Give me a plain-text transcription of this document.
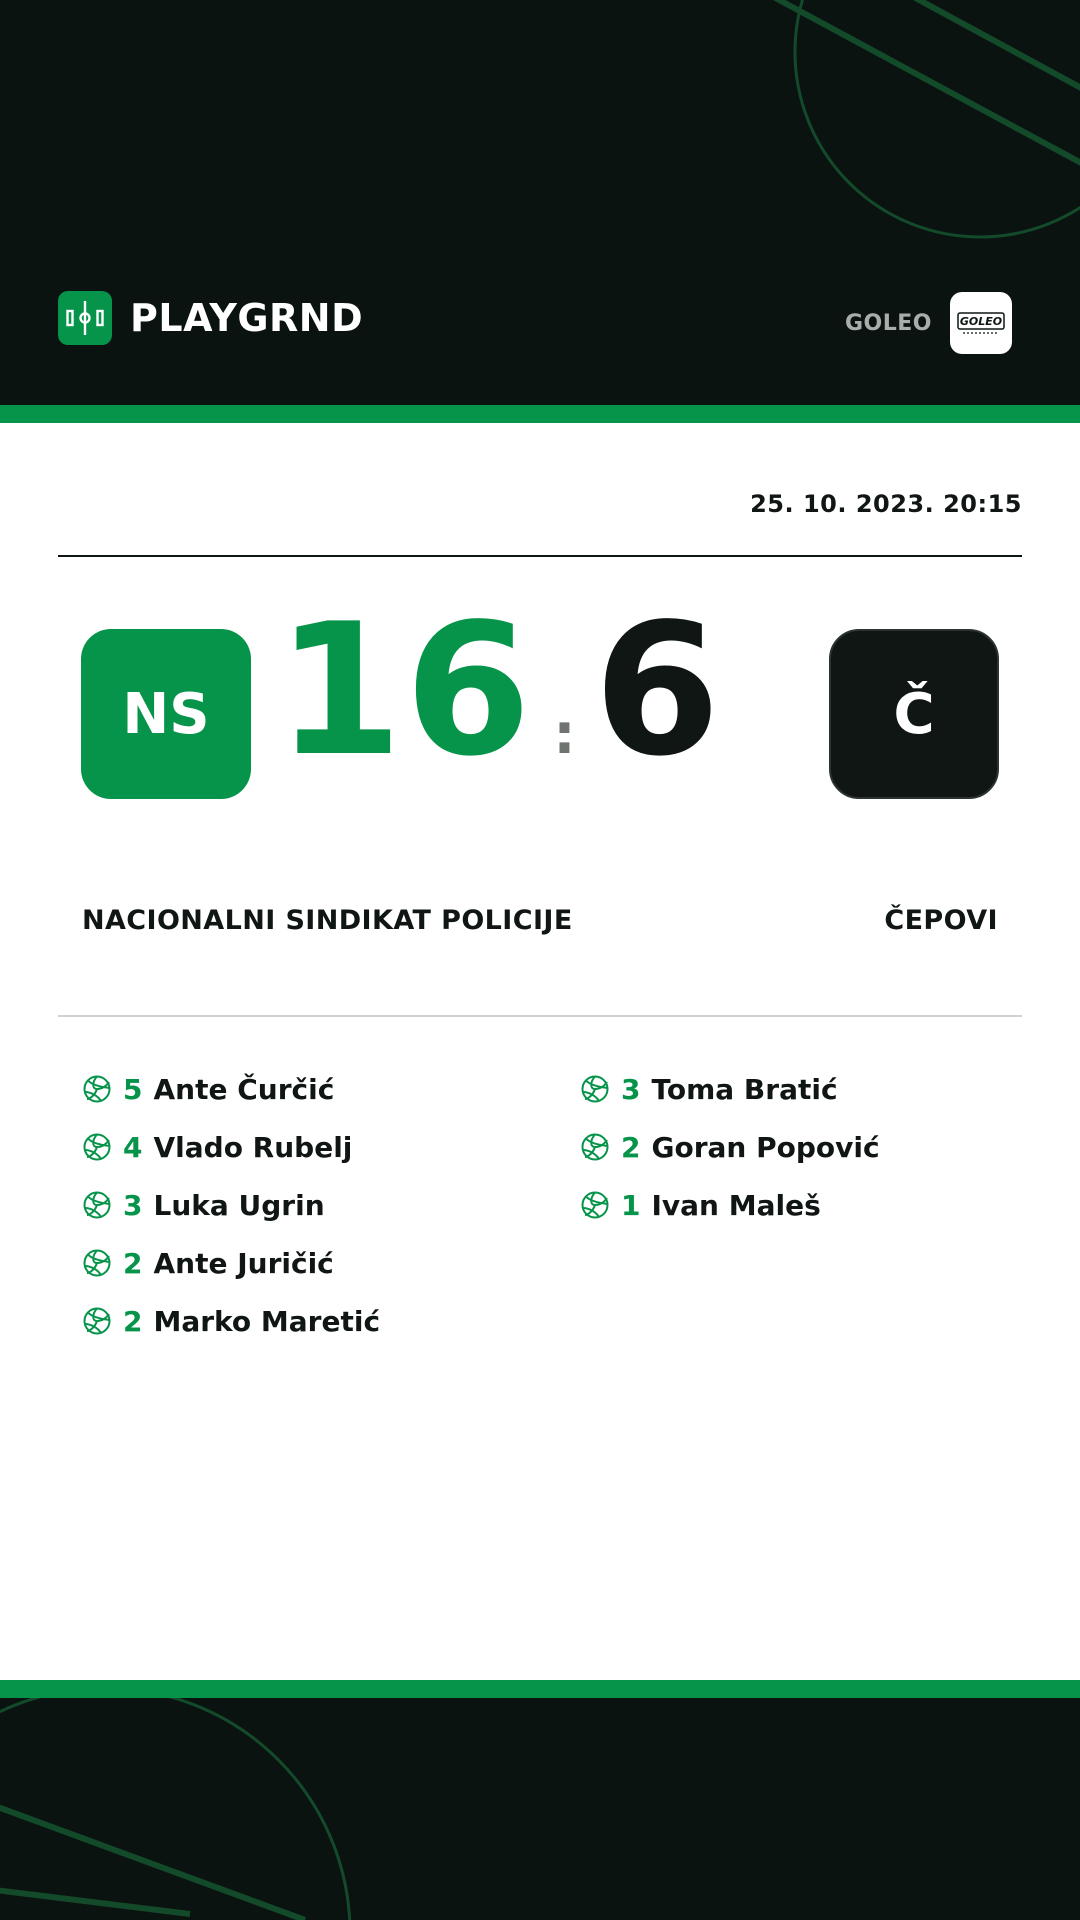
PLAYGRND	GOLEO	GOLEO
25. 10. 2023. 20:15
NS 16 : 6	Č
NACIONALNI SINDIKAT POLICIJE	ČEPOVI
5 Ante Čurčić
4 Vlado Rubelj
3 Luka Ugrin
2 Ante Juričić
2 Marko Maretić
3 Toma Bratić
2 Goran Popović
1 Ivan Maleš
